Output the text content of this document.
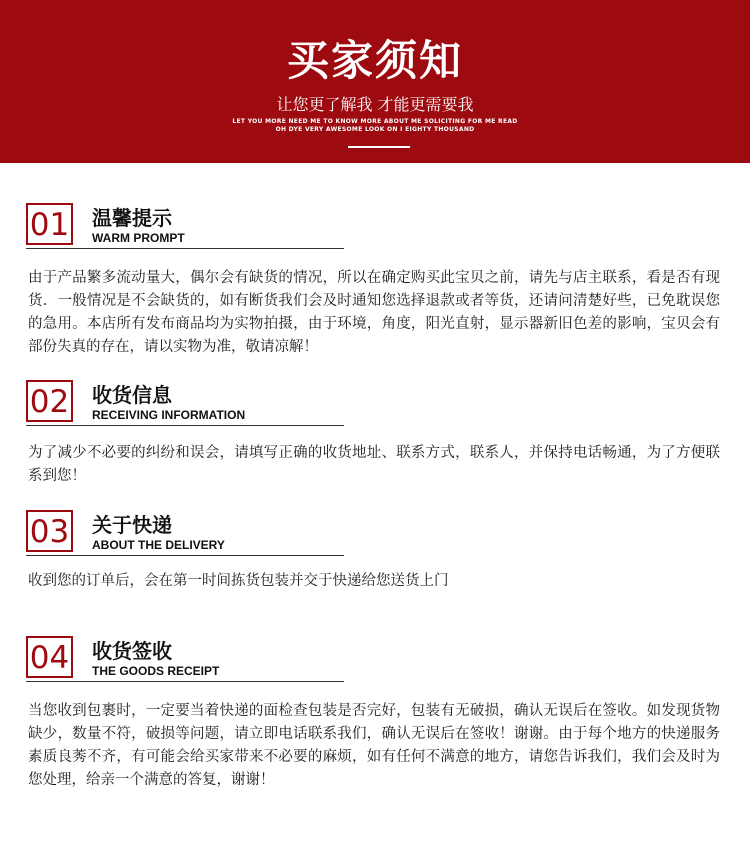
买家须知
让您更了解我 才能更需要我
LET YOU MORE NEED ME TO KNOW MORE ABOUT ME SOLICITING FOR ME READ
OH DYE VERY AWESOME LOOK ON I EIGHTY THOUSAND
01 温馨提示
WARM PROMPT
由于产品繁多流动量大，偶尔会有缺货的情况，所以在确定购买此宝贝之前，请先与店主联系，看是否有现货．一般情况是不会缺货的，如有断货我们会及时通知您选择退款或者等货，还请问清楚好些，已免耽误您的急用。本店所有发布商品均为实物拍摄，由于环境，角度，阳光直射，显示器新旧色差的影响，宝贝会有部份失真的存在，请以实物为准，敬请凉解！
02 收货信息
RECEIVING INFORMATION
为了减少不必要的纠纷和误会，请填写正确的收货地址、联系方式，联系人，并保持电话畅通，为了方便联系到您！
03 关于快递
ABOUT THE DELIVERY
收到您的订单后，会在第一时间拣货包装并交于快递给您送货上门
04 收货签收
THE GOODS RECEIPT
当您收到包裹时，一定要当着快递的面检查包装是否完好，包装有无破损，确认无误后在签收。如发现货物缺少，数量不符，破损等问题，请立即电话联系我们，确认无误后在签收！谢谢。由于每个地方的快递服务素质良莠不齐，有可能会给买家带来不必要的麻烦，如有任何不满意的地方，请您告诉我们，我们会及时为您处理，给亲一个满意的答复，谢谢！
